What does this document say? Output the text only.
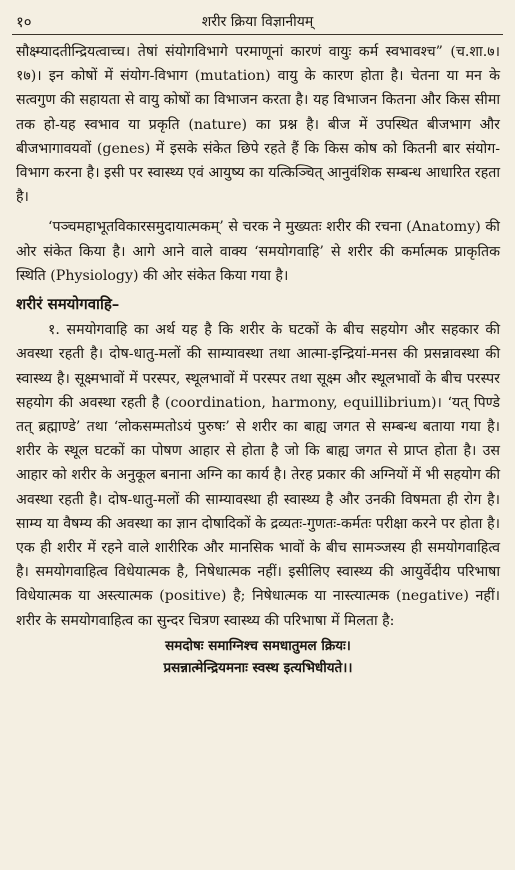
१०	शरीर क्रिया विज्ञानीयम्

सौक्ष्म्यादतीन्द्रियत्वाच्च। तेषां संयोगविभागे परमाणूनां कारणं वायुः कर्म स्वभावश्च” (च.शा.७।१७)। इन कोषों में संयोग-विभाग (mutation) वायु के कारण होता है। चेतना या मन के सत्वगुण की सहायता से वायु कोषों का विभाजन करता है। यह विभाजन कितना और किस सीमा तक हो-यह स्वभाव या प्रकृति (nature) का प्रश्न है। बीज में उपस्थित बीजभाग और बीजभागावयवों (genes) में इसके संकेत छिपे रहते हैं कि किस कोष को कितनी बार संयोग-विभाग करना है। इसी पर स्वास्थ्य एवं आयुष्य का यत्किञ्चित् आनुवंशिक सम्बन्ध आधारित रहता है।

‘पञ्चमहाभूतविकारसमुदायात्मकम्’ से चरक ने मुख्यतः शरीर की रचना (Anatomy) की ओर संकेत किया है। आगे आने वाले वाक्य ‘समयोगवाहि’ से शरीर की कर्मात्मक प्राकृतिक स्थिति (Physiology) की ओर संकेत किया गया है।

शरीरं समयोगवाहि–

१. समयोगवाहि का अर्थ यह है कि शरीर के घटकों के बीच सहयोग और सहकार की अवस्था रहती है। दोष-धातु-मलों की साम्यावस्था तथा आत्मा-इन्द्रियां-मनस की प्रसन्नावस्था की स्वास्थ्य है। सूक्ष्मभावों में परस्पर, स्थूलभावों में परस्पर तथा सूक्ष्म और स्थूलभावों के बीच परस्पर सहयोग की अवस्था रहती है (coordination, harmony, equillibrium)। ‘यत् पिण्डे तत् ब्रह्माण्डे’ तथा ‘लोकसम्मतोऽयं पुरुषः’ से शरीर का बाह्य जगत से सम्बन्ध बताया गया है। शरीर के स्थूल घटकों का पोषण आहार से होता है जो कि बाह्य जगत से प्राप्त होता है। उस आहार को शरीर के अनुकूल बनाना अग्नि का कार्य है। तेरह प्रकार की अग्नियों में भी सहयोग की अवस्था रहती है। दोष-धातु-मलों की साम्यावस्था ही स्वास्थ्य है और उनकी विषमता ही रोग है। साम्य या वैषम्य की अवस्था का ज्ञान दोषादिकों के द्रव्यतः-गुणतः-कर्मतः परीक्षा करने पर होता है। एक ही शरीर में रहने वाले शारीरिक और मानसिक भावों के बीच सामञ्जस्य ही समयोगवाहित्व है। समयोगवाहित्व विधेयात्मक है, निषेधात्मक नहीं। इसीलिए स्वास्थ्य की आयुर्वेदीय परिभाषा विधेयात्मक या अस्त्यात्मक (positive) है; निषेधात्मक या नास्त्यात्मक (negative) नहीं। शरीर के समयोगवाहित्व का सुन्दर चित्रण स्वास्थ्य की परिभाषा में मिलता है:

समदोषः समाग्निश्च समधातुमल क्रियः।
प्रसन्नात्मेन्द्रियमनाः स्वस्थ इत्यभिधीयते।।
